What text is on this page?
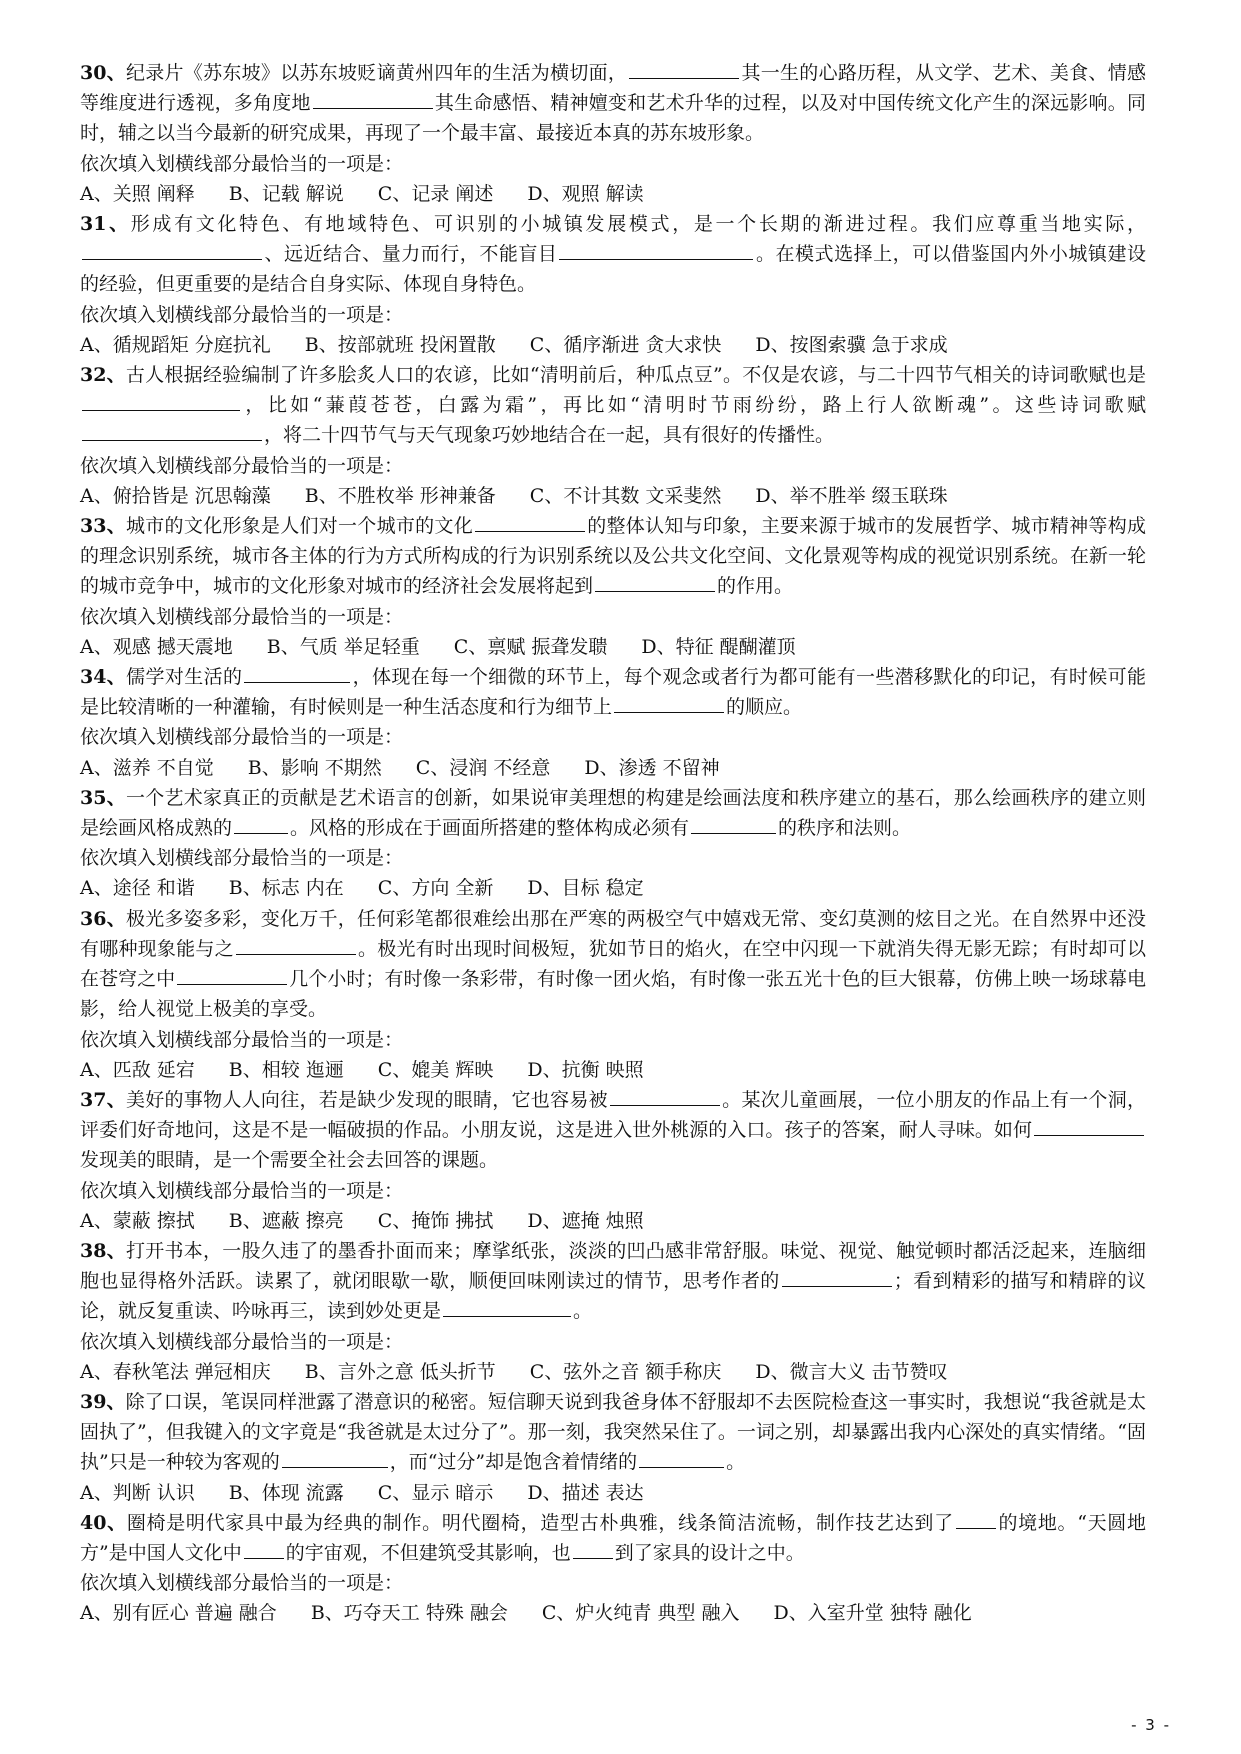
30、纪录片《苏东坡》以苏东坡贬谪黄州四年的生活为横切面，	其一生的心路历程，从文学、艺术、美食、情感等维度进行透视，多角度地	其生命感悟、精神嬗变和艺术升华的过程，以及对中国传统文化产生的深远影响。同时，辅之以当今最新的研究成果，再现了一个最丰富、最接近本真的苏东坡形象。

依次填入划横线部分最恰当的一项是：

A、关照 阐释 B、记载 解说 C、记录 阐述 D、观照 解读

31、形成有文化特色、有地域特色、可识别的小城镇发展模式，是一个长期的渐进过程。我们应尊重当地实际，、远近结合、量力而行，不能盲目	。在模式选择上，可以借鉴国内外小城镇建设的经验，但更重要的是结合自身实际、体现自身特色。

依次填入划横线部分最恰当的一项是：

A、循规蹈矩 分庭抗礼 B、按部就班 投闲置散 C、循序渐进 贪大求快 D、按图索骥 急于求成

32、古人根据经验编制了许多脍炙人口的农谚，比如“清明前后，种瓜点豆”。不仅是农谚，与二十四节气相关的诗词歌赋也是，比如“蒹葭苍苍，白露为霜”，再比如“清明时节雨纷纷，路上行人欲断魂”。这些诗词歌赋，将二十四节气与天气现象巧妙地结合在一起，具有很好的传播性。

依次填入划横线部分最恰当的一项是：

A、俯拾皆是 沉思翰藻 B、不胜枚举 形神兼备 C、不计其数 文采斐然 D、举不胜举 缀玉联珠

33、城市的文化形象是人们对一个城市的文化	的整体认知与印象，主要来源于城市的发展哲学、城市精神等构成的理念识别系统，城市各主体的行为方式所构成的行为识别系统以及公共文化空间、文化景观等构成的视觉识别系统。在新一轮的城市竞争中，城市的文化形象对城市的经济社会发展将起到	的作用。

依次填入划横线部分最恰当的一项是：

A、观感 撼天震地 B、气质 举足轻重 C、禀赋 振聋发聩 D、特征 醍醐灌顶

34、儒学对生活的	，体现在每一个细微的环节上，每个观念或者行为都可能有一些潜移默化的印记，有时候可能是比较清晰的一种灌输，有时候则是一种生活态度和行为细节上	的顺应。

依次填入划横线部分最恰当的一项是：

A、滋养 不自觉 B、影响 不期然 C、浸润 不经意 D、渗透 不留神

35、一个艺术家真正的贡献是艺术语言的创新，如果说审美理想的构建是绘画法度和秩序建立的基石，那么绘画秩序的建立则是绘画风格成熟的	。风格的形成在于画面所搭建的整体构成必须有	的秩序和法则。

依次填入划横线部分最恰当的一项是：

A、途径 和谐 B、标志 内在 C、方向 全新 D、目标 稳定

36、极光多姿多彩，变化万千，任何彩笔都很难绘出那在严寒的两极空气中嬉戏无常、变幻莫测的炫目之光。在自然界中还没有哪种现象能与之	。极光有时出现时间极短，犹如节日的焰火，在空中闪现一下就消失得无影无踪；有时却可以在苍穹之中	几个小时；有时像一条彩带，有时像一团火焰，有时像一张五光十色的巨大银幕，仿佛上映一场球幕电影，给人视觉上极美的享受。

依次填入划横线部分最恰当的一项是：

A、匹敌 延宕 B、相较 迤逦 C、媲美 辉映 D、抗衡 映照

37、美好的事物人人向往，若是缺少发现的眼睛，它也容易被	。某次儿童画展，一位小朋友的作品上有一个洞，评委们好奇地问，这是不是一幅破损的作品。小朋友说，这是进入世外桃源的入口。孩子的答案，耐人寻味。如何发现美的眼睛，是一个需要全社会去回答的课题。

依次填入划横线部分最恰当的一项是：

A、蒙蔽 擦拭 B、遮蔽 擦亮 C、掩饰 拂拭 D、遮掩 烛照

38、打开书本，一股久违了的墨香扑面而来；摩挲纸张，淡淡的凹凸感非常舒服。味觉、视觉、触觉顿时都活泛起来，连脑细胞也显得格外活跃。读累了，就闭眼歇一歇，顺便回味刚读过的情节，思考作者的	；看到精彩的描写和精辟的议论，就反复重读、吟咏再三，读到妙处更是	。

依次填入划横线部分最恰当的一项是：

A、春秋笔法 弹冠相庆 B、言外之意 低头折节 C、弦外之音 额手称庆 D、微言大义 击节赞叹

39、除了口误，笔误同样泄露了潜意识的秘密。短信聊天说到我爸身体不舒服却不去医院检查这一事实时，我想说“我爸就是太固执了”，但我键入的文字竟是“我爸就是太过分了”。那一刻，我突然呆住了。一词之别，却暴露出我内心深处的真实情绪。“固执”只是一种较为客观的	，而“过分”却是饱含着情绪的	。

A、判断 认识 B、体现 流露 C、显示 暗示 D、描述 表达

40、圈椅是明代家具中最为经典的制作。明代圈椅，造型古朴典雅，线条简洁流畅，制作技艺达到了 的境地。“天圆地方”是中国人文化中 的宇宙观，不但建筑受其影响，也 到了家具的设计之中。

依次填入划横线部分最恰当的一项是：

A、别有匠心 普遍 融合 B、巧夺天工 特殊 融会 C、炉火纯青 典型 融入 D、入室升堂 独特 融化

- 3 -
